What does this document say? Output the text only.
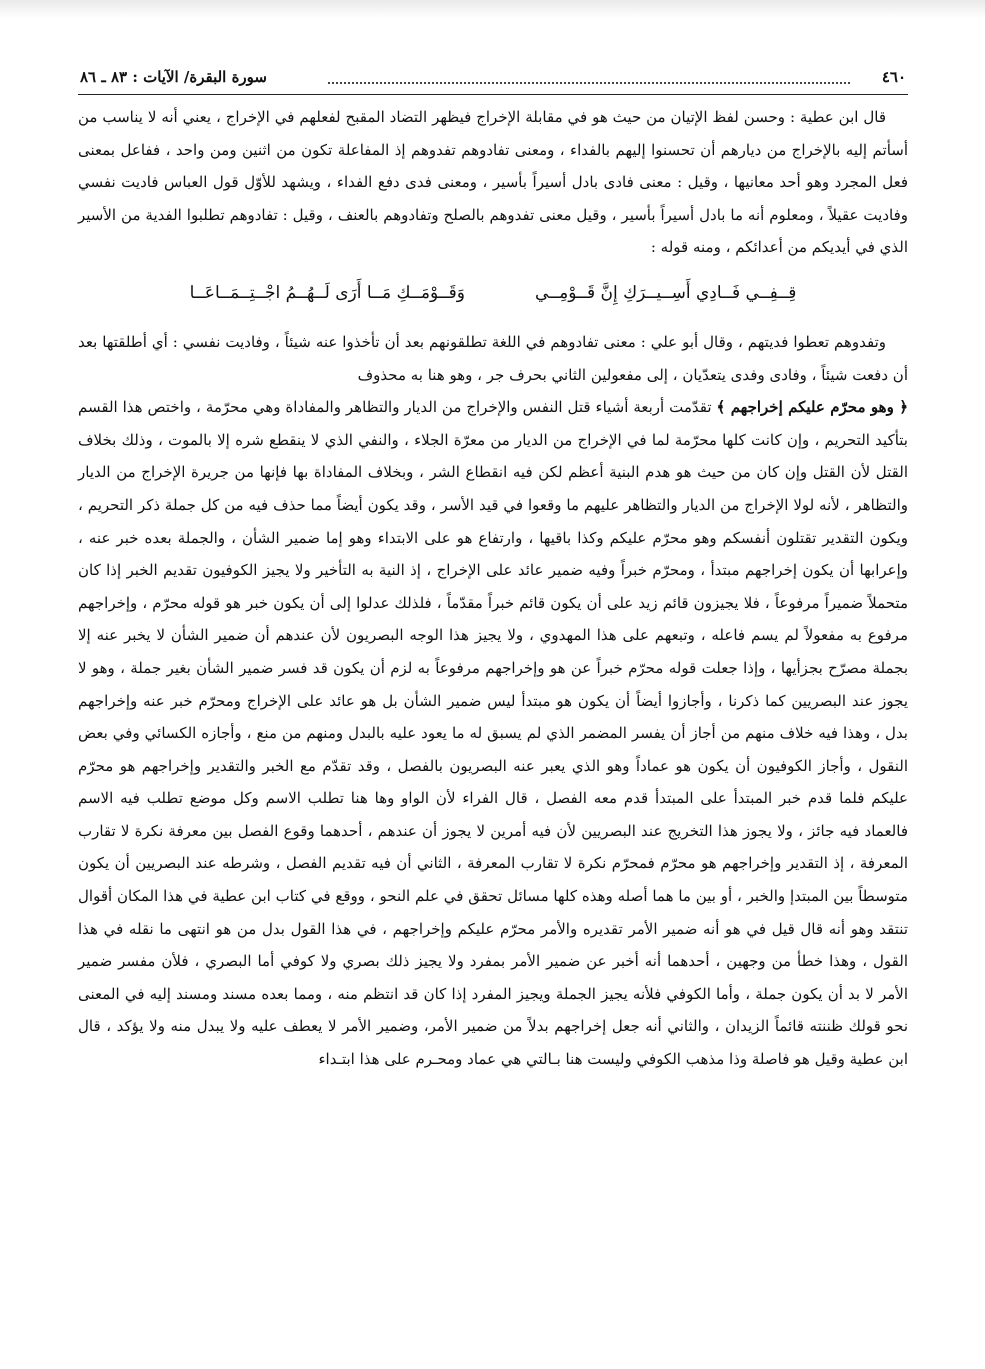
٤٦٠
سورة البقرة/ الآيات : ٨٣ ـ ٨٦

قال ابن عطية : وحسن لفظ الإتيان من حيث هو في مقابلة الإخراج فيظهر التضاد المقبح لفعلهم في الإخراج ، يعني أنه لا يناسب من أسأتم إليه بالإخراج من ديارهم أن تحسنوا إليهم بالفداء ، ومعنى تفادوهم تفدوهم إذ المفاعلة تكون من اثنين ومن واحد ، ففاعل بمعنى فعل المجرد وهو أحد معانيها ، وقيل : معنى فادى بادل أسيراً بأسير ، ومعنى فدى دفع الفداء ، ويشهد للأوّل قول العباس فاديت نفسي وفاديت عقيلاً ، ومعلوم أنه ما بادل أسيراً بأسير ، وقيل معنى تفدوهم بالصلح وتفادوهم بالعنف ، وقيل : تفادوهم تطلبوا الفدية من الأسير الذي في أيديكم من أعدائكم ، ومنه قوله :

قِــفِــي فَــادِي أَسِــيــرَكِ إِنَّ قَــوْمِــي
وَقَــوْمَــكِ مَــا أَرَى لَــهُــمُ اجْــتِــمَــاعَــا

وتفدوهم تعطوا فديتهم ، وقال أبو علي : معنى تفادوهم في اللغة تطلقونهم بعد أن تأخذوا عنه شيئاً ، وفاديت نفسي : أي أطلقتها بعد أن دفعت شيئاً ، وفادى وفدى يتعدّيان ، إلى مفعولين الثاني بحرف جر ، وهو هنا به محذوف

﴿ وهو محرّم عليكم إخراجهم ﴾ تقدّمت أربعة أشياء قتل النفس والإخراج من الديار والتظاهر والمفاداة وهي محرّمة ، واختص هذا القسم بتأكيد التحريم ، وإن كانت كلها محرّمة لما في الإخراج من الديار من معرّة الجلاء ، والنفي الذي لا ينقطع شره إلا بالموت ، وذلك بخلاف القتل لأن القتل وإن كان من حيث هو هدم البنية أعظم لكن فيه انقطاع الشر ، وبخلاف المفاداة بها فإنها من جريرة الإخراج من الديار والتظاهر ، لأنه لولا الإخراج من الديار والتظاهر عليهم ما وقعوا في قيد الأسر ، وقد يكون أيضاً مما حذف فيه من كل جملة ذكر التحريم ، ويكون التقدير تقتلون أنفسكم وهو محرّم عليكم وكذا باقيها ، وارتفاع هو على الابتداء وهو إما ضمير الشأن ، والجملة بعده خبر عنه ، وإعرابها أن يكون إخراجهم مبتدأ ، ومحرّم خبراً وفيه ضمير عائد على الإخراج ، إذ النية به التأخير ولا يجيز الكوفيون تقديم الخبر إذا كان متحملاً ضميراً مرفوعاً ، فلا يجيزون قائم زيد على أن يكون قائم خبراً مقدّماً ، فلذلك عدلوا إلى أن يكون خبر هو قوله محرّم ، وإخراجهم مرفوع به مفعولاً لم يسم فاعله ، وتبعهم على هذا المهدوي ، ولا يجيز هذا الوجه البصريون لأن عندهم أن ضمير الشأن لا يخبر عنه إلا بجملة مصرّح بجزأيها ، وإذا جعلت قوله محرّم خبراً عن هو وإخراجهم مرفوعاً به لزم أن يكون قد فسر ضمير الشأن بغير جملة ، وهو لا يجوز عند البصريين كما ذكرنا ، وأجازوا أيضاً أن يكون هو مبتدأ ليس ضمير الشأن بل هو عائد على الإخراج ومحرّم خبر عنه وإخراجهم بدل ، وهذا فيه خلاف منهم من أجاز أن يفسر المضمر الذي لم يسبق له ما يعود عليه بالبدل ومنهم من منع ، وأجازه الكسائي وفي بعض النقول ، وأجاز الكوفيون أن يكون هو عماداً وهو الذي يعبر عنه البصريون بالفصل ، وقد تقدّم مع الخبر والتقدير وإخراجهم هو محرّم عليكم فلما قدم خبر المبتدأ على المبتدأ قدم معه الفصل ، قال الفراء لأن الواو وها هنا تطلب الاسم وكل موضع تطلب فيه الاسم فالعماد فيه جائز ، ولا يجوز هذا التخريج عند البصريين لأن فيه أمرين لا يجوز أن عندهم ، أحدهما وقوع الفصل بين معرفة نكرة لا تقارب المعرفة ، إذ التقدير وإخراجهم هو محرّم فمحرّم نكرة لا تقارب المعرفة ، الثاني أن فيه تقديم الفصل ، وشرطه عند البصريين أن يكون متوسطاً بين المبتدإ والخبر ، أو بين ما هما أصله وهذه كلها مسائل تحقق في علم النحو ، ووقع في كتاب ابن عطية في هذا المكان أقوال تنتقد وهو أنه قال قيل في هو أنه ضمير الأمر تقديره والأمر محرّم عليكم وإخراجهم ، في هذا القول بدل من هو انتهى ما نقله في هذا القول ، وهذا خطأ من وجهين ، أحدهما أنه أخبر عن ضمير الأمر بمفرد ولا يجيز ذلك بصري ولا كوفي أما البصري ، فلأن مفسر ضمير الأمر لا بد أن يكون جملة ، وأما الكوفي فلأنه يجيز الجملة ويجيز المفرد إذا كان قد انتظم منه ، ومما بعده مسند ومسند إليه في المعنى نحو قولك ظننته قائماً الزيدان ، والثاني أنه جعل إخراجهم بدلاً من ضمير الأمر، وضمير الأمر لا يعطف عليه ولا يبدل منه ولا يؤكد ، قال ابن عطية وقيل هو فاصلة وذا مذهب الكوفي وليست هنا بـالتي هي عماد ومحـرم على هذا ابتـداء
